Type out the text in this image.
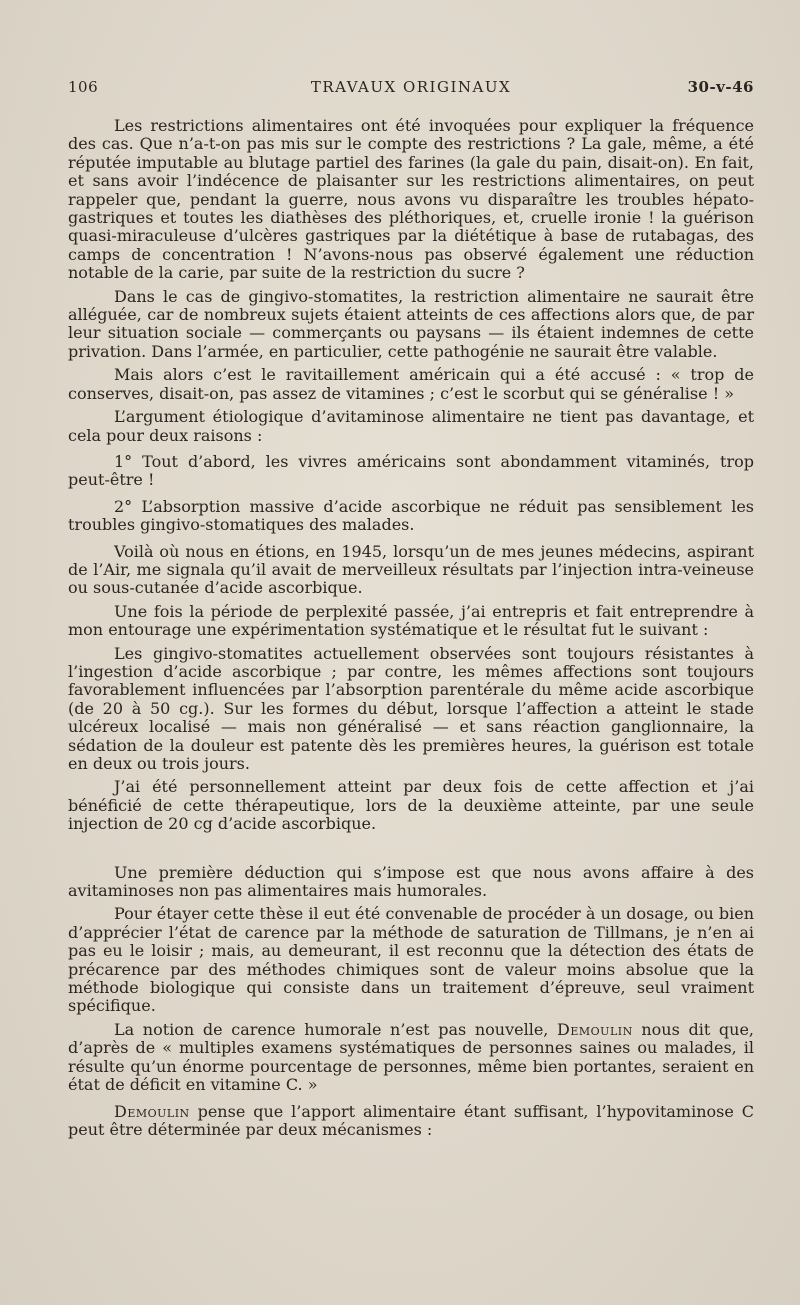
106	TRAVAUX ORIGINAUX	30-v-46

Les restrictions alimentaires ont été invoquées pour expliquer la fréquence des cas. Que n’a-t-on pas mis sur le compte des restrictions ? La gale, même, a été réputée imputable au blutage partiel des farines (la gale du pain, disait-on). En fait, et sans avoir l’indécence de plaisanter sur les restrictions alimentaires, on peut rappeler que, pendant la guerre, nous avons vu disparaître les troubles hépato-gastriques et toutes les diathèses des pléthoriques, et, cruelle ironie ! la guérison quasi-miraculeuse d’ulcères gastriques par la diététique à base de rutabagas, des camps de concentration ! N’avons-nous pas observé également une réduction notable de la carie, par suite de la restriction du sucre ?

Dans le cas de gingivo-stomatites, la restriction alimentaire ne saurait être alléguée, car de nombreux sujets étaient atteints de ces affections alors que, de par leur situation sociale — commerçants ou paysans — ils étaient indemnes de cette privation. Dans l’armée, en particulier, cette pathogénie ne saurait être valable.

Mais alors c’est le ravitaillement américain qui a été accusé : « trop de conserves, disait-on, pas assez de vitamines ; c’est le scorbut qui se généralise ! »

L’argument étiologique d’avitaminose alimentaire ne tient pas davantage, et cela pour deux raisons :

1° Tout d’abord, les vivres américains sont abondamment vitaminés, trop peut-être !

2° L’absorption massive d’acide ascorbique ne réduit pas sensiblement les troubles gingivo-stomatiques des malades.

Voilà où nous en étions, en 1945, lorsqu’un de mes jeunes médecins, aspirant de l’Air, me signala qu’il avait de merveilleux résultats par l’injection intra-veineuse ou sous-cutanée d’acide ascorbique.

Une fois la période de perplexité passée, j’ai entrepris et fait entreprendre à mon entourage une expérimentation systématique et le résultat fut le suivant :

Les gingivo-stomatites actuellement observées sont toujours résistantes à l’ingestion d’acide ascorbique ; par contre, les mêmes affections sont toujours favorablement influencées par l’absorption parentérale du même acide ascorbique (de 20 à 50 cg.). Sur les formes du début, lorsque l’affection a atteint le stade ulcéreux localisé — mais non généralisé — et sans réaction ganglionnaire, la sédation de la douleur est patente dès les premières heures, la guérison est totale en deux ou trois jours.

J’ai été personnellement atteint par deux fois de cette affection et j’ai bénéficié de cette thérapeutique, lors de la deuxième atteinte, par une seule injection de 20 cg d’acide ascorbique.

Une première déduction qui s’impose est que nous avons affaire à des avitaminoses non pas alimentaires mais humorales.

Pour étayer cette thèse il eut été convenable de procéder à un dosage, ou bien d’apprécier l’état de carence par la méthode de saturation de Tillmans, je n’en ai pas eu le loisir ; mais, au demeurant, il est reconnu que la détection des états de précarence par des méthodes chimiques sont de valeur moins absolue que la méthode biologique qui consiste dans un traitement d’épreuve, seul vraiment spécifique.

La notion de carence humorale n’est pas nouvelle, Demoulin nous dit que, d’après de « multiples examens systématiques de personnes saines ou malades, il résulte qu’un énorme pourcentage de personnes, même bien portantes, seraient en état de déficit en vitamine C. »

Demoulin pense que l’apport alimentaire étant suffisant, l’hypovitaminose C peut être déterminée par deux mécanismes :
